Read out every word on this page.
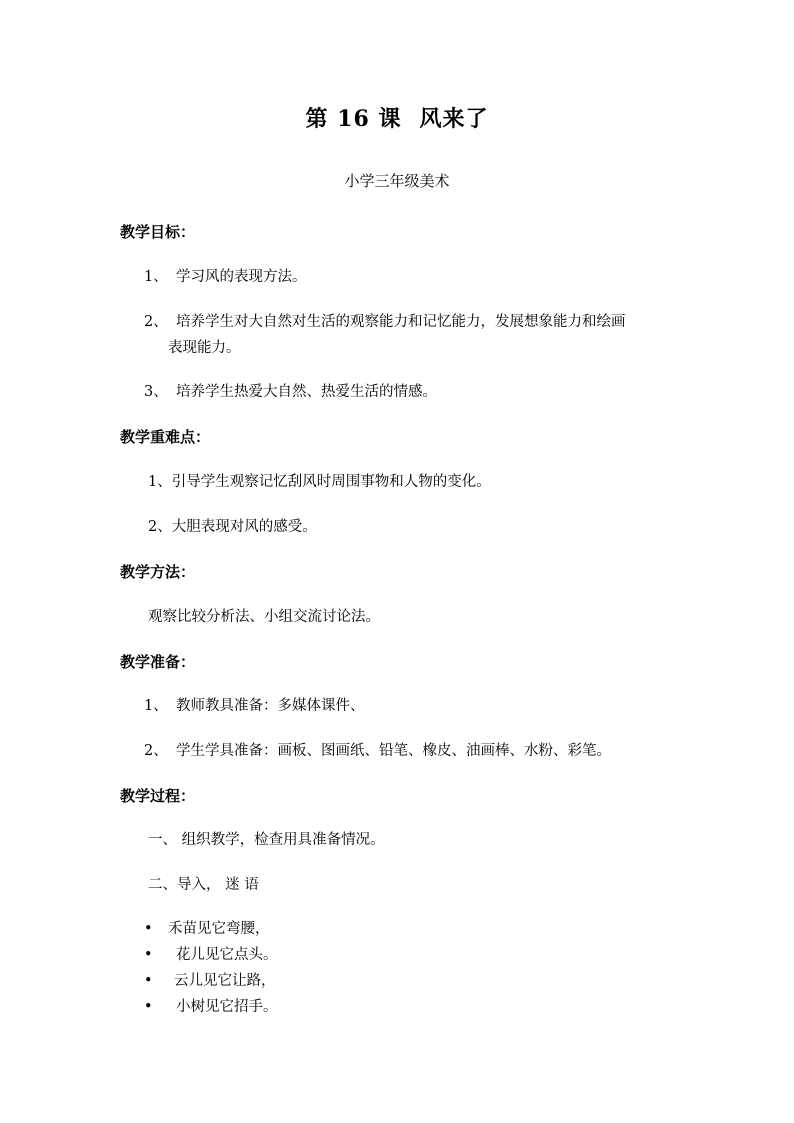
第 16 课 风来了
小学三年级美术
教学目标：
1、 学习风的表现方法。
2、 培养学生对大自然对生活的观察能力和记忆能力，发展想象能力和绘画
表现能力。
3、 培养学生热爱大自然、热爱生活的情感。
教学重难点：
1、引导学生观察记忆刮风时周围事物和人物的变化。
2、大胆表现对风的感受。
教学方法：
观察比较分析法、小组交流讨论法。
教学准备：
1、 教师教具准备：多媒体课件、
2、 学生学具准备：画板、图画纸、铅笔、橡皮、油画棒、水粉、彩笔。
教学过程：
一、 组织教学，检查用具准备情况。
二、导入， 迷 语
• 禾苗见它弯腰，
• 花儿见它点头。
• 云儿见它让路，
• 小树见它招手。
